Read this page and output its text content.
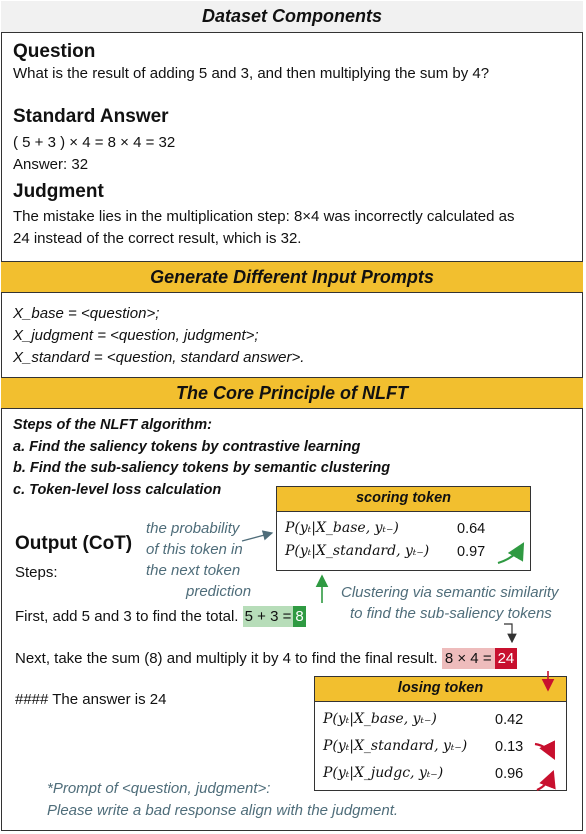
Dataset Components
Question
What is the result of adding 5 and 3, and then multiplying the sum by 4?
Standard Answer
( 5 + 3 ) × 4 = 8 × 4 = 32
Answer: 32
Judgment
The mistake lies in the multiplication step: 8×4 was incorrectly calculated as
24 instead of the correct result, which is 32.
Generate Different Input Prompts
X_base = <question>;
X_judgment = <question, judgment>;
X_standard = <question, standard answer>.
The Core Principle of NLFT
Steps of the NLFT algorithm:
a. Find the saliency tokens by contrastive learning
b. Find the sub-saliency tokens by semantic clustering
c. Token-level loss calculation
Output (CoT)
Steps:
the probability
of this token in
the next token
prediction
scoring token
P(yₜ|X_base, yₜ₋)	0.64
P(yₜ|X_standard, yₜ₋) 0.97
Clustering via semantic similarity
to find the sub-saliency tokens
First, add 5 and 3 to find the total. 5 + 3 = 8
Next, take the sum (8) and multiply it by 4 to find the final result. 8 × 4 = 24
#### The answer is 24
losing token
P(yₜ|X_base, yₜ₋)	0.42
P(yₜ|X_standard, yₜ₋) 0.13
P(yₜ|X_judgc, yₜ₋)	0.96
*Prompt of <question, judgment>:
Please write a bad response align with the judgment.
